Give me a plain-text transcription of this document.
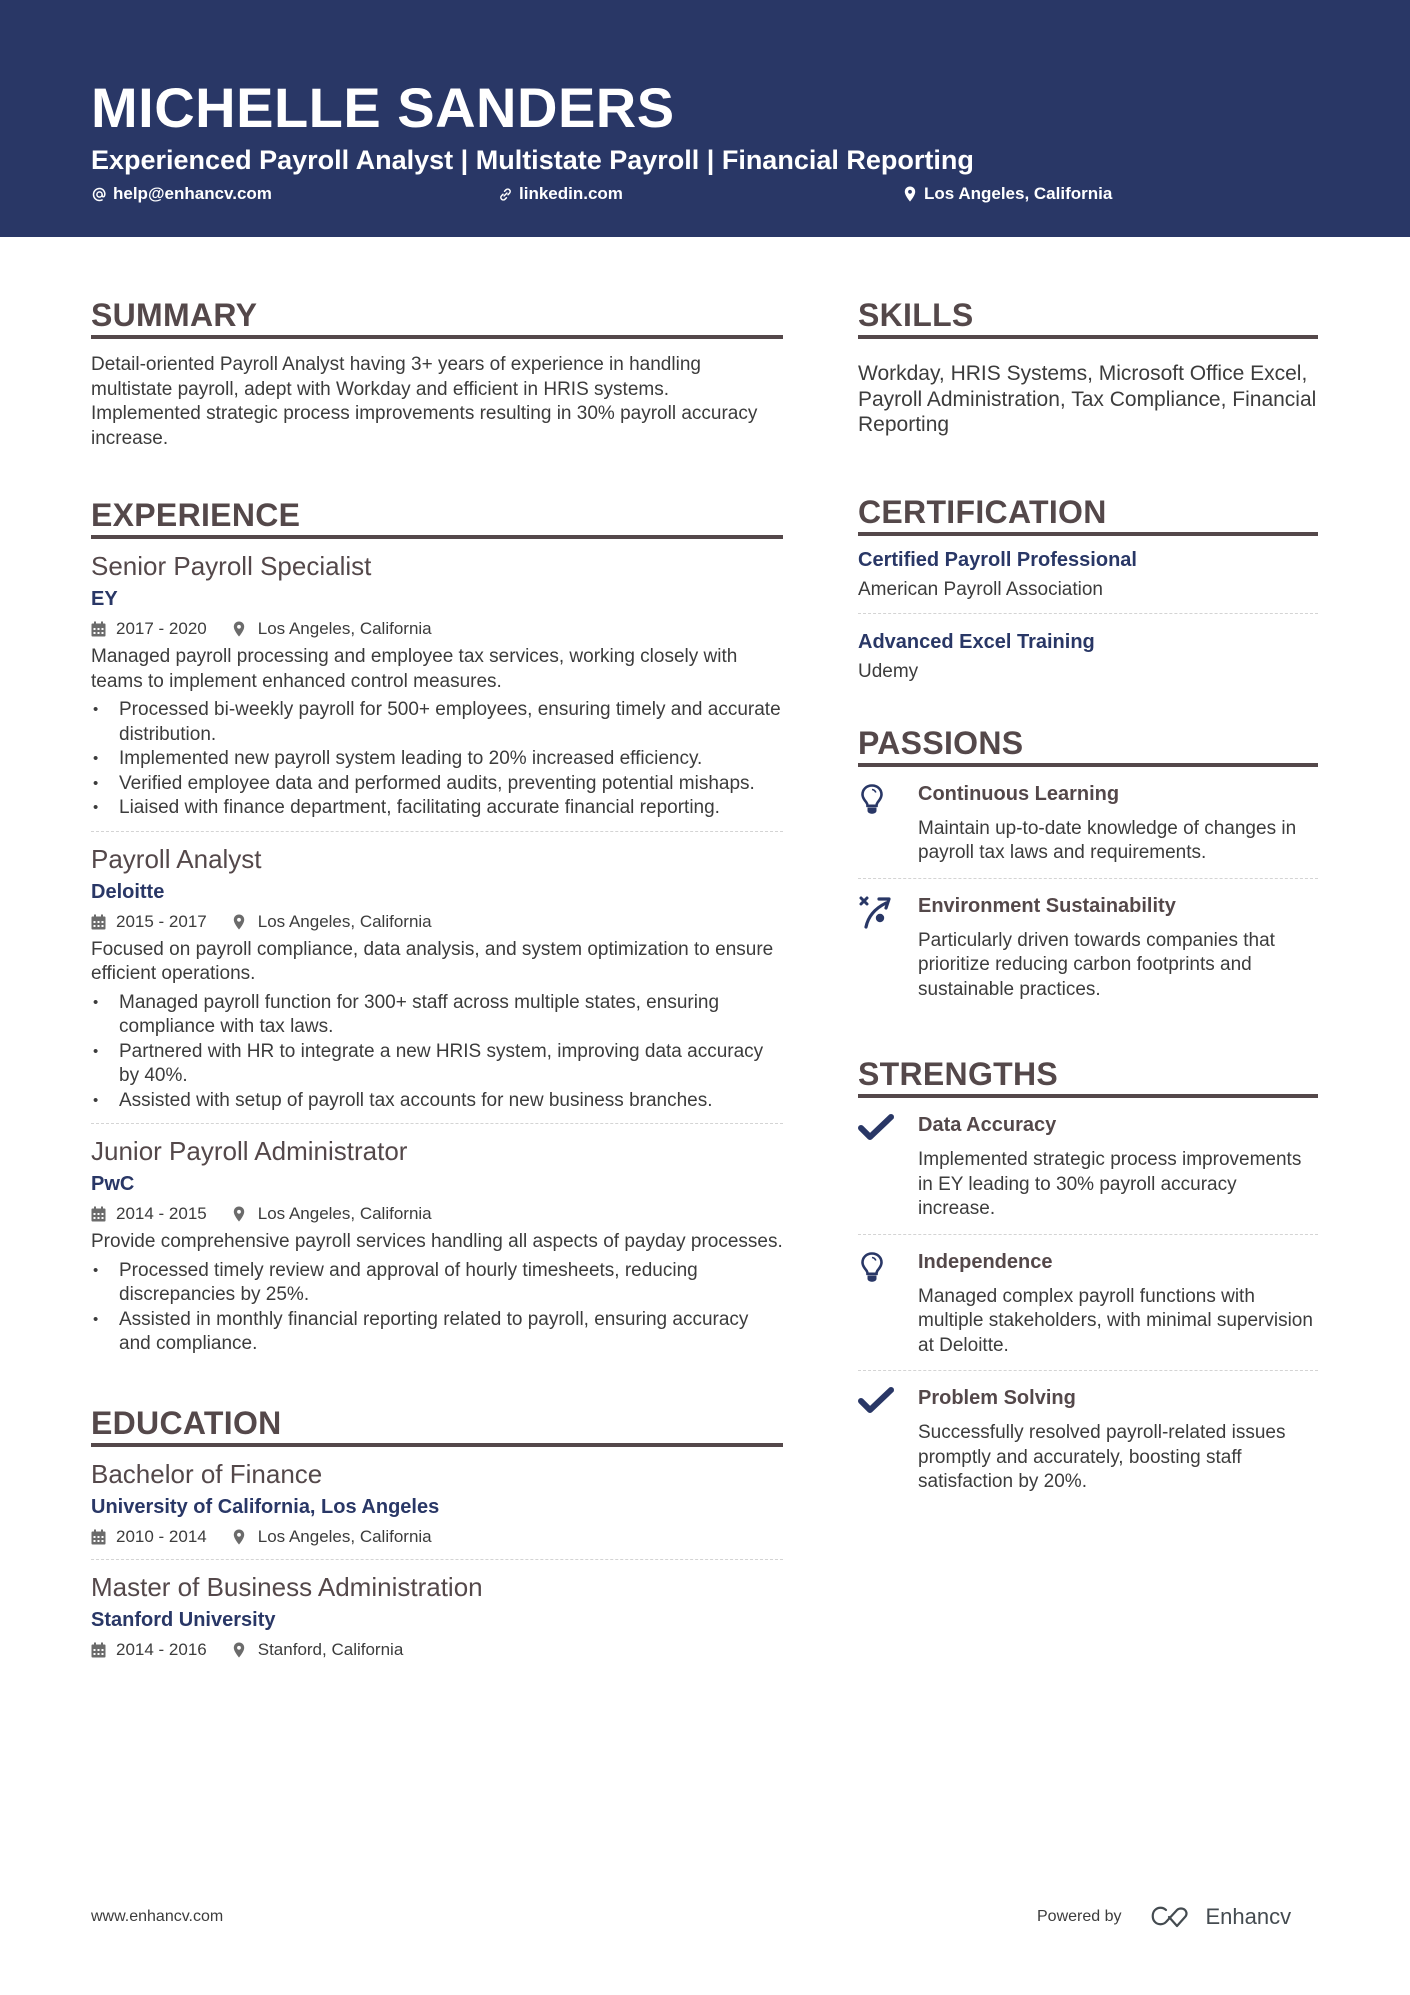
MICHELLE SANDERS
Experienced Payroll Analyst | Multistate Payroll | Financial Reporting
help@enhancv.com	linkedin.com	Los Angeles, California
SUMMARY
Detail-oriented Payroll Analyst having 3+ years of experience in handling multistate payroll, adept with Workday and efficient in HRIS systems. Implemented strategic process improvements resulting in 30% payroll accuracy increase.
EXPERIENCE
Senior Payroll Specialist
EY
2017 - 2020	Los Angeles, California
Managed payroll processing and employee tax services, working closely with teams to implement enhanced control measures.
• Processed bi-weekly payroll for 500+ employees, ensuring timely and accurate distribution.
• Implemented new payroll system leading to 20% increased efficiency.
• Verified employee data and performed audits, preventing potential mishaps.
• Liaised with finance department, facilitating accurate financial reporting.
Payroll Analyst
Deloitte
2015 - 2017	Los Angeles, California
Focused on payroll compliance, data analysis, and system optimization to ensure efficient operations.
• Managed payroll function for 300+ staff across multiple states, ensuring compliance with tax laws.
• Partnered with HR to integrate a new HRIS system, improving data accuracy by 40%.
• Assisted with setup of payroll tax accounts for new business branches.
Junior Payroll Administrator
PwC
2014 - 2015	Los Angeles, California
Provide comprehensive payroll services handling all aspects of payday processes.
• Processed timely review and approval of hourly timesheets, reducing discrepancies by 25%.
• Assisted in monthly financial reporting related to payroll, ensuring accuracy and compliance.
EDUCATION
Bachelor of Finance
University of California, Los Angeles
2010 - 2014	Los Angeles, California
Master of Business Administration
Stanford University
2014 - 2016	Stanford, California
SKILLS
Workday, HRIS Systems, Microsoft Office Excel, Payroll Administration, Tax Compliance, Financial Reporting
CERTIFICATION
Certified Payroll Professional
American Payroll Association
Advanced Excel Training
Udemy
PASSIONS
Continuous Learning
Maintain up-to-date knowledge of changes in payroll tax laws and requirements.
Environment Sustainability
Particularly driven towards companies that prioritize reducing carbon footprints and sustainable practices.
STRENGTHS
Data Accuracy
Implemented strategic process improvements in EY leading to 30% payroll accuracy increase.
Independence
Managed complex payroll functions with multiple stakeholders, with minimal supervision at Deloitte.
Problem Solving
Successfully resolved payroll-related issues promptly and accurately, boosting staff satisfaction by 20%.
www.enhancv.com	Powered by	Enhancv
